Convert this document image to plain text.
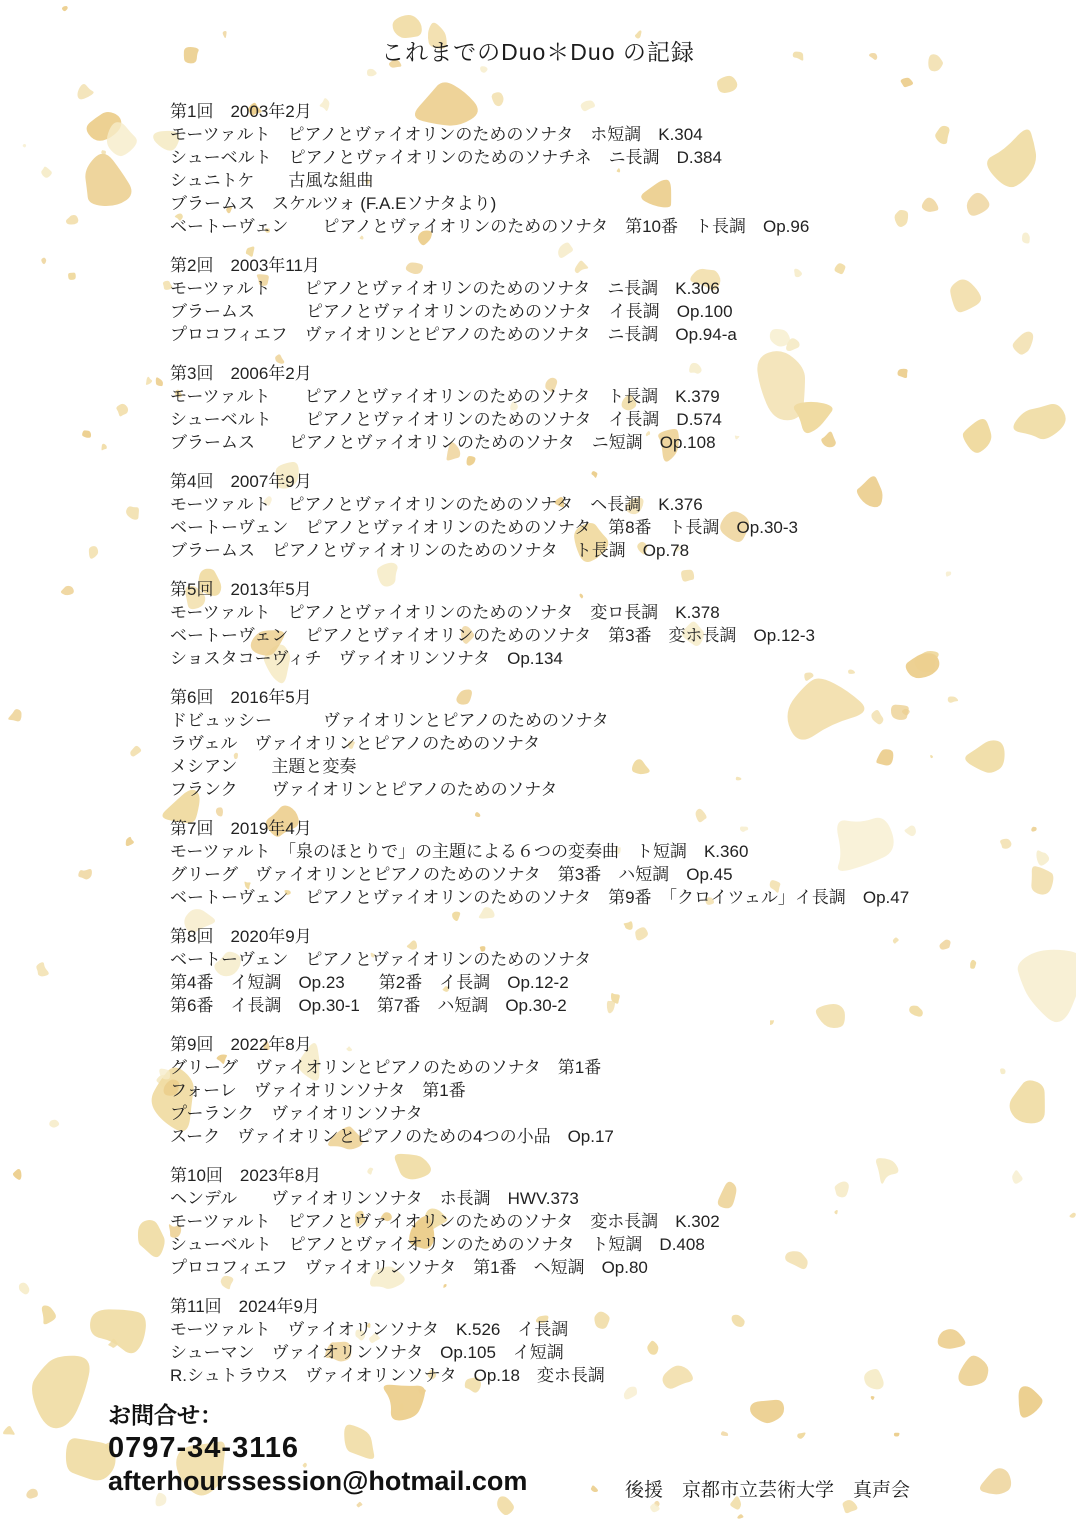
これまでのDuo＊Duo の記録
第1回　2003年2月
モーツァルト　ピアノとヴァイオリンのためのソナタ　ホ短調　K.304
シューベルト　ピアノとヴァイオリンのためのソナチネ　ニ長調　D.384
シュニトケ　　古風な組曲
ブラームス　スケルツォ (F.A.Eソナタより)
ベートーヴェン　　ピアノとヴァイオリンのためのソナタ　第10番　ト長調　Op.96
第2回　2003年11月
モーツァルト　　ピアノとヴァイオリンのためのソナタ　ニ長調　K.306
ブラームス　　　ピアノとヴァイオリンのためのソナタ　イ長調　Op.100
プロコフィエフ　ヴァイオリンとピアノのためのソナタ　ニ長調　Op.94-a
第3回　2006年2月
モーツァルト　　ピアノとヴァイオリンのためのソナタ　ト長調　K.379
シューベルト　　ピアノとヴァイオリンのためのソナタ　イ長調　D.574
ブラームス　　ピアノとヴァイオリンのためのソナタ　ニ短調　Op.108
第4回　2007年9月
モーツァルト　ピアノとヴァイオリンのためのソナタ　ヘ長調　K.376
ベートーヴェン　ピアノとヴァイオリンのためのソナタ　第8番　ト長調　Op.30-3
ブラームス　ピアノとヴァイオリンのためのソナタ　ト長調　Op.78
第5回　2013年5月
モーツァルト　ピアノとヴァイオリンのためのソナタ　変ロ長調　K.378
ベートーヴェン　ピアノとヴァイオリンのためのソナタ　第3番　変ホ長調　Op.12-3
ショスタコーヴィチ　ヴァイオリンソナタ　Op.134
第6回　2016年5月
ドビュッシー　　　ヴァイオリンとピアノのためのソナタ
ラヴェル　ヴァイオリンとピアノのためのソナタ
メシアン　　主題と変奏
フランク　　ヴァイオリンとピアノのためのソナタ
第7回　2019年4月
モーツァルト　「泉のほとりで」の主題による６つの変奏曲　ト短調　K.360
グリーグ　ヴァイオリンとピアノのためのソナタ　第3番　ハ短調　Op.45
ベートーヴェン　ピアノとヴァイオリンのためのソナタ　第9番　「クロイツェル」イ長調　Op.47
第8回　2020年9月
ベートーヴェン　ピアノとヴァイオリンのためのソナタ
第4番　イ短調　Op.23　　第2番　イ長調　Op.12-2
第6番　イ長調　Op.30-1　第7番　ハ短調　Op.30-2
第9回　2022年8月
グリーグ　ヴァイオリンとピアノのためのソナタ　第1番
フォーレ　ヴァイオリンソナタ　第1番
プーランク　ヴァイオリンソナタ
スーク　ヴァイオリンとピアノのための4つの小品　Op.17
第10回　2023年8月
ヘンデル　　ヴァイオリンソナタ　ホ長調　HWV.373
モーツァルト　ピアノとヴァイオリンのためのソナタ　変ホ長調　K.302
シューベルト　ピアノとヴァイオリンのためのソナタ　ト短調　D.408
プロコフィエフ　ヴァイオリンソナタ　第1番　ヘ短調　Op.80
第11回　2024年9月
モーツァルト　ヴァイオリンソナタ　K.526　イ長調
シューマン　ヴァイオリンソナタ　Op.105　イ短調
R.シュトラウス　ヴァイオリンソナタ　Op.18　変ホ長調
お問合せ：
0797-34-3116
afterhourssession@hotmail.com	後援　京都市立芸術大学　真声会
